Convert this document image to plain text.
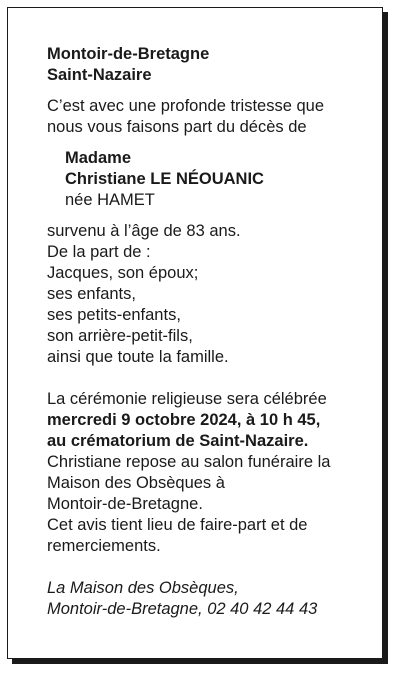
Montoir-de-Bretagne
Saint-Nazaire
C’est avec une profonde tristesse que
nous vous faisons part du décès de
Madame
Christiane LE NÉOUANIC
née HAMET
survenu à l’âge de 83 ans.
De la part de :
Jacques, son époux;
ses enfants,
ses petits-enfants,
son arrière-petit-fils,
ainsi que toute la famille.
La cérémonie religieuse sera célébrée
mercredi 9 octobre 2024, à 10 h 45,
au crématorium de Saint-Nazaire.
Christiane repose au salon funéraire la
Maison des Obsèques à
Montoir-de-Bretagne.
Cet avis tient lieu de faire-part et de
remerciements.
La Maison des Obsèques,
Montoir-de-Bretagne, 02 40 42 44 43
